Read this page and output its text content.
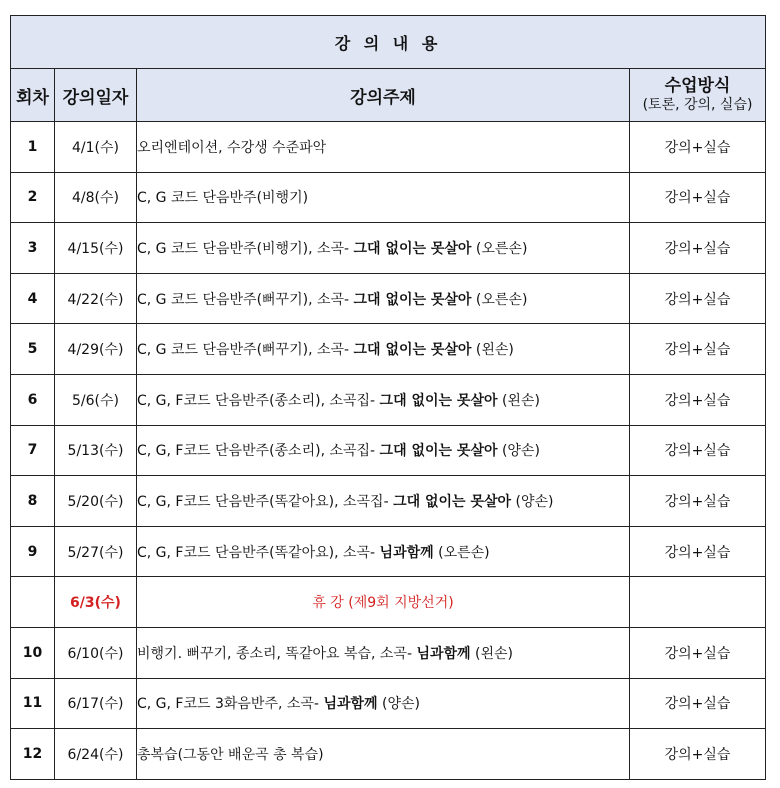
강 의 내 용			
회차	강의일자	강의주제	수업방식
(토론, 강의, 실습)

1	4/1(수)	오리엔테이션, 수강생 수준파악	강의+실습
2	4/8(수)	C, G 코드 단음반주(비행기)	강의+실습
3	4/15(수)	C, G 코드 단음반주(비행기), 소곡- 그대 없이는 못살아 (오른손)	강의+실습
4	4/22(수)	C, G 코드 단음반주(뻐꾸기), 소곡- 그대 없이는 못살아 (오른손)	강의+실습
5	4/29(수)	C, G 코드 단음반주(뻐꾸기), 소곡- 그대 없이는 못살아 (왼손)	강의+실습
6	5/6(수)	C, G, F코드 단음반주(종소리), 소곡집- 그대 없이는 못살아 (왼손)	강의+실습
7	5/13(수)	C, G, F코드 단음반주(종소리), 소곡집- 그대 없이는 못살아 (양손)	강의+실습
8	5/20(수)	C, G, F코드 단음반주(똑같아요), 소곡집- 그대 없이는 못살아 (양손)	강의+실습
9	5/27(수)	C, G, F코드 단음반주(똑같아요), 소곡- 님과함께 (오른손)	강의+실습
	6/3(수)	휴 강 (제9회 지방선거)	
10	6/10(수)	비행기. 뻐꾸기, 종소리, 똑같아요 복습, 소곡- 님과함께 (왼손)	강의+실습
11	6/17(수)	C, G, F코드 3화음반주, 소곡- 님과함께 (양손)	강의+실습
12	6/24(수)	총복습(그동안 배운곡 총 복습)	강의+실습
